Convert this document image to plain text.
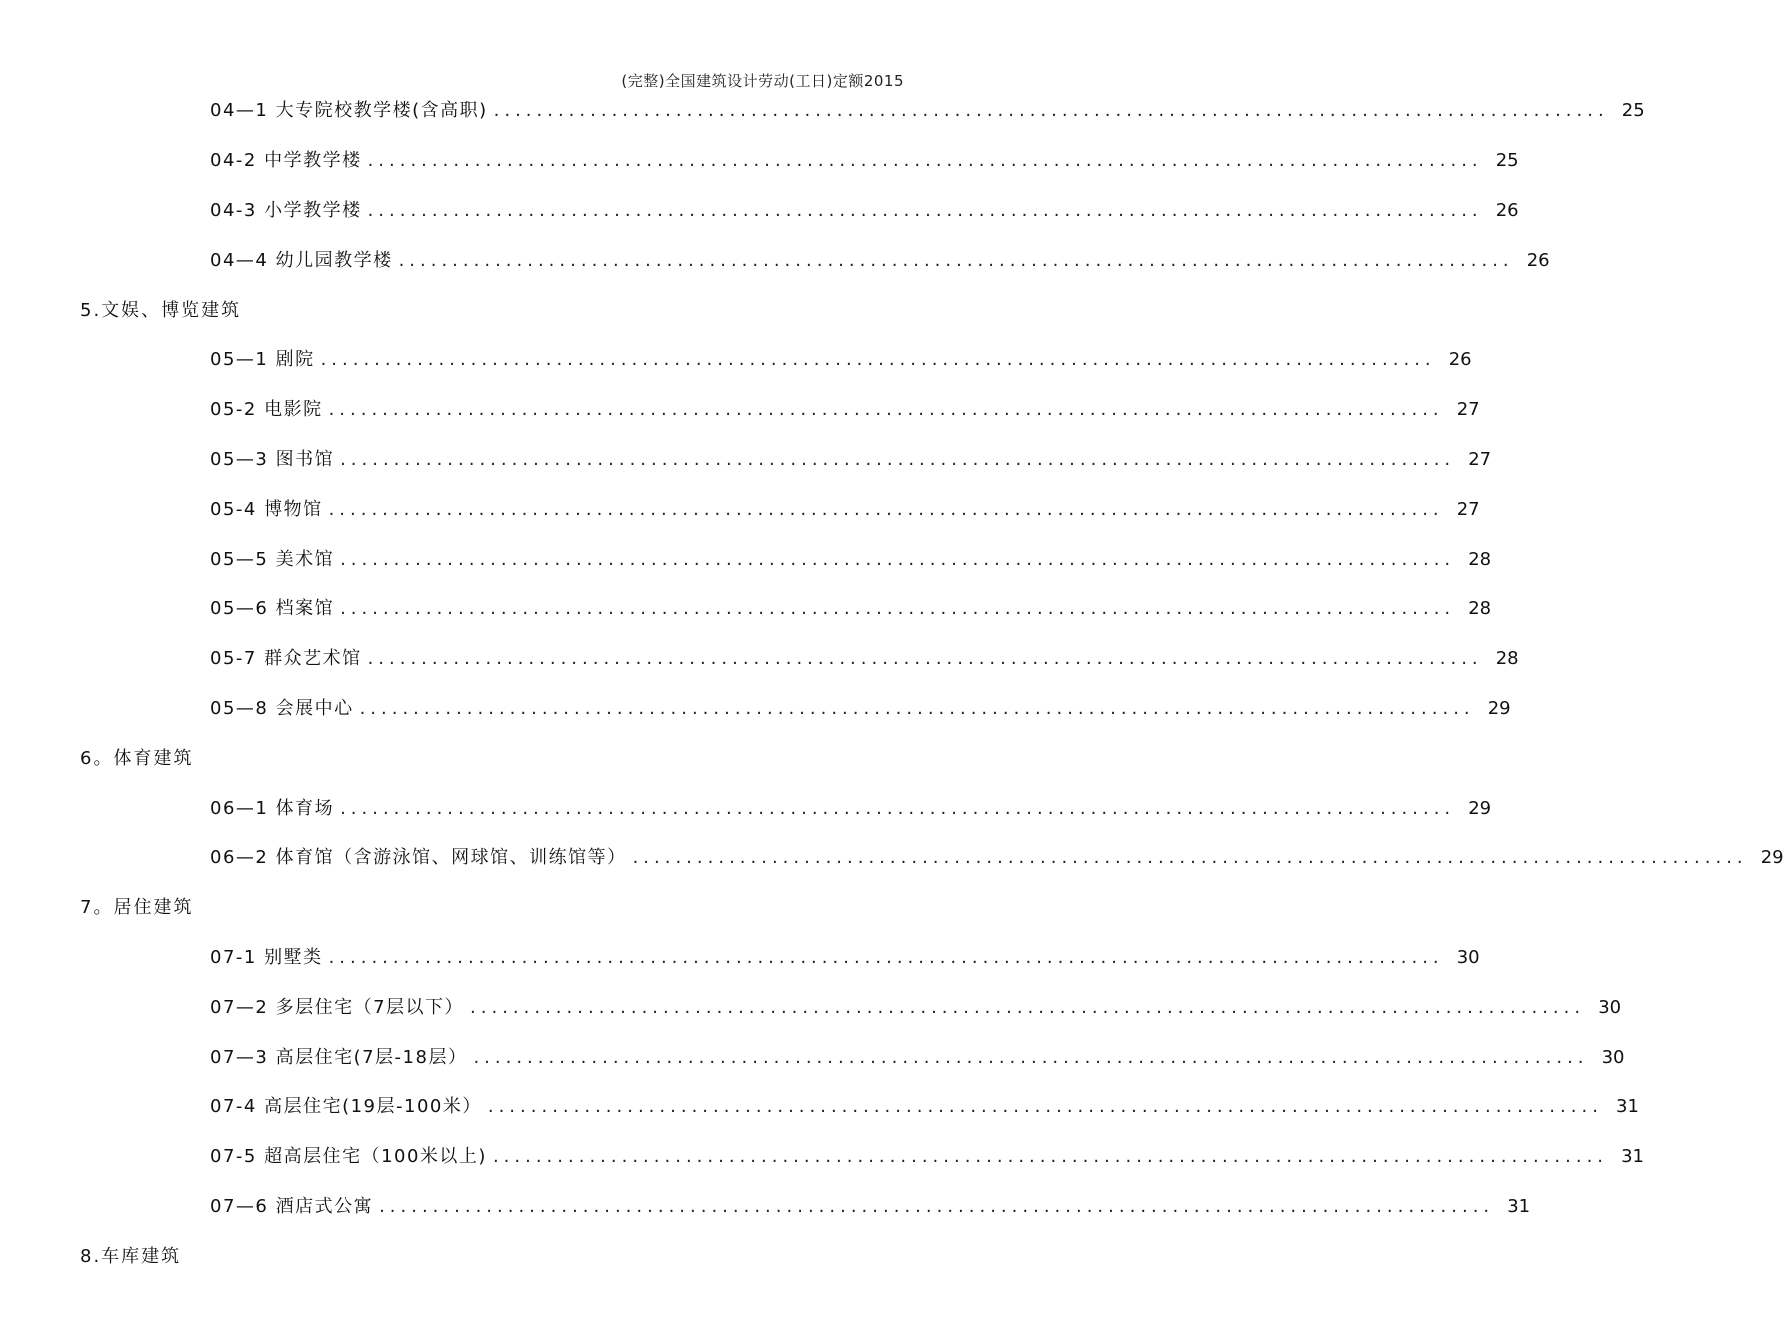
(完整)全国建筑设计劳动(工日)定额2015
04—1 大专院校教学楼(含高职) ........................................................................................................ 25
04-2 中学教学楼 ........................................................................................................ 25
04-3 小学教学楼 ........................................................................................................ 26
04—4 幼儿园教学楼 ........................................................................................................ 26
5.文娱、博览建筑
05—1 剧院 ........................................................................................................ 26
05-2 电影院 ........................................................................................................ 27
05—3 图书馆 ........................................................................................................ 27
05-4 博物馆 ........................................................................................................ 27
05—5 美术馆 ........................................................................................................ 28
05—6 档案馆 ........................................................................................................ 28
05-7 群众艺术馆 ........................................................................................................ 28
05—8 会展中心 ........................................................................................................ 29
6。体育建筑
06—1 体育场 ........................................................................................................ 29
06—2 体育馆（含游泳馆、网球馆、训练馆等） ........................................................................................................ 29
7。居住建筑
07-1 别墅类 ........................................................................................................ 30
07—2 多层住宅（7层以下） ........................................................................................................ 30
07—3 高层住宅(7层-18层） ........................................................................................................ 30
07-4 高层住宅(19层-100米） ........................................................................................................ 31
07-5 超高层住宅（100米以上) ........................................................................................................ 31
07—6 酒店式公寓 ........................................................................................................ 31
8.车库建筑
